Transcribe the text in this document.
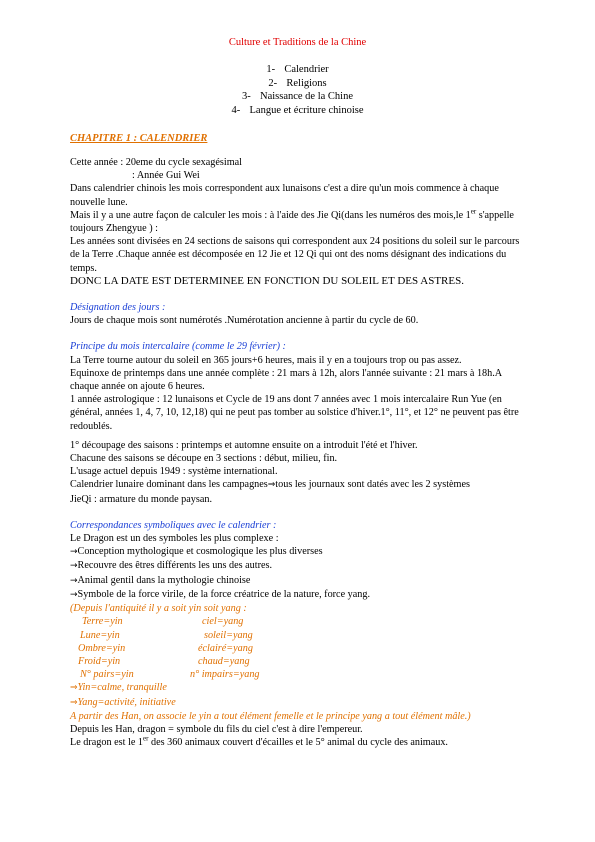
Culture et Traditions de la Chine
1- Calendrier
2- Religions
3- Naissance de la Chine
4- Langue et écriture chinoise
CHAPITRE 1 : CALENDRIER

Cette année : 20eme du cycle sexagésimal

: Année Gui Wei

Dans calendrier chinois les mois correspondent aux lunaisons c'est a dire qu'un mois commence à chaque nouvelle lune.

Mais il y a une autre façon de calculer les mois : à l'aide des Jie Qi(dans les numéros des mois,le 1er s'appelle toujours Zhengyue ) :

Les années sont divisées en 24 sections de saisons qui correspondent aux 24 positions du soleil sur le parcours de la Terre .Chaque année est décomposée en 12 Jie et 12 Qi qui ont des noms désignant des indications du temps.

DONC LA DATE EST DETERMINEE EN FONCTION DU SOLEIL ET DES ASTRES.

Désignation des jours :

Jours de chaque mois sont numérotés .Numérotation ancienne à partir du cycle de 60.

Principe du mois intercalaire (comme le 29 février) :

La Terre tourne autour du soleil en 365 jours+6 heures, mais il y en a toujours trop ou pas assez.

Equinoxe de printemps dans une année complète : 21 mars à 12h, alors l'année suivante : 21 mars à 18h.A chaque année on ajoute 6 heures.

1 année astrologique : 12 lunaisons et Cycle de 19 ans dont 7 années avec 1 mois intercalaire Run Yue (en général, années 1, 4, 7, 10, 12,18) qui ne peut pas tomber au solstice d'hiver.1°, 11°, et 12° ne peuvent pas être redoublés.

1° découpage des saisons : printemps et automne ensuite on a introduit l'été et l'hiver.

Chacune des saisons se découpe en 3 sections : début, milieu, fin.

L'usage actuel depuis 1949 : système international.

Calendrier lunaire dominant dans les campagnes⇒tous les journaux sont datés avec les 2 systèmes

JieQi : armature du monde paysan.

Correspondances symboliques avec le calendrier :

Le Dragon est un des symboles les plus complexe :

→Conception mythologique et cosmologique les plus diverses

→Recouvre des êtres différents les uns des autres.

→Animal gentil dans la mythologie chinoise

→Symbole de la force virile, de la force créatrice de la nature, force yang.

(Depuis l'antiquité il y a soit yin soit yang :

Terre=yin	ciel=yang
Lune=yin	soleil=yang
Ombre=yin	éclairé=yang
Froid=yin	chaud=yang
N° pairs=yin	n° impairs=yang

⇒Yin=calme, tranquille

⇒Yang=activité, initiative

A partir des Han, on associe le yin a tout élément femelle et le principe yang a tout élément mâle.)

Depuis les Han, dragon = symbole du fils du ciel c'est à dire l'empereur.

Le dragon est le 1er des 360 animaux couvert d'écailles et le 5° animal du cycle des animaux.
